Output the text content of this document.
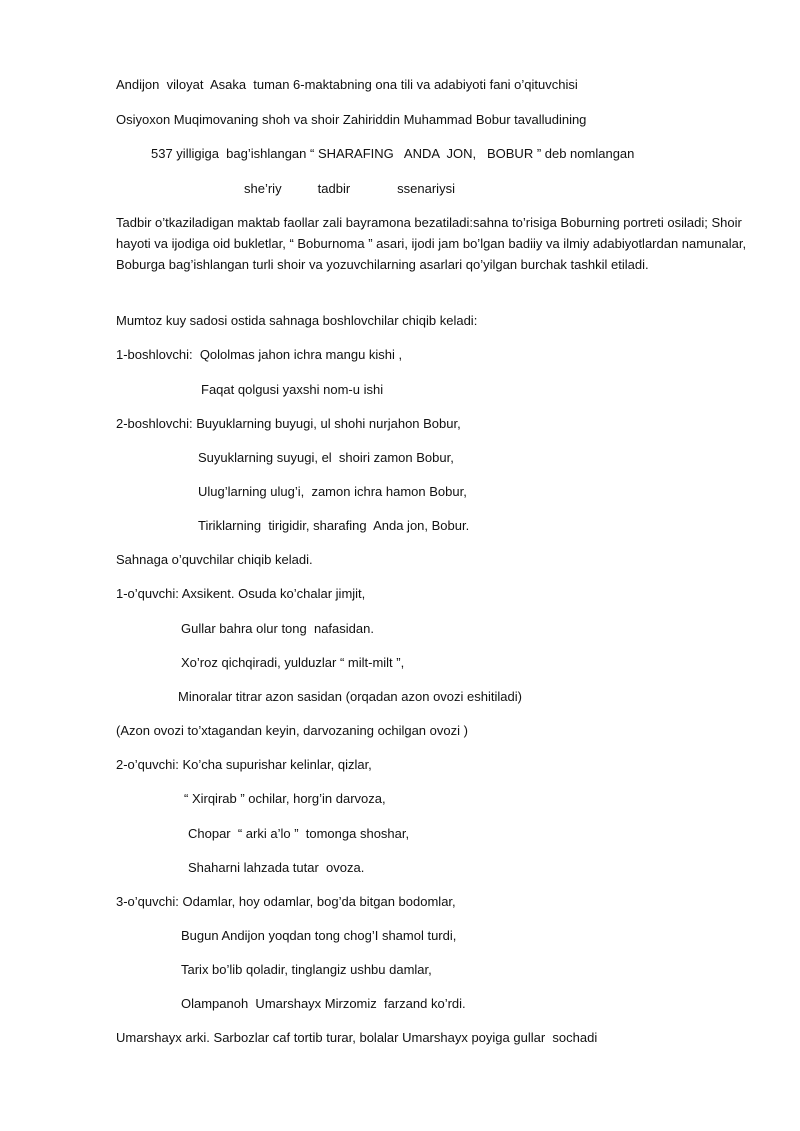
Andijon  viloyat  Asaka  tuman 6-maktabning ona tili va adabiyoti fani o’qituvchisi
Osiyoxon Muqimovaning shoh va shoir Zahiriddin Muhammad Bobur tavalludining
537 yilligiga  bag’ishlangan “ SHARAFING   ANDA  JON,   BOBUR ” deb nomlangan
she’riy          tadbir             ssenariysi
Tadbir o’tkaziladigan maktab faollar zali bayramona bezatiladi:sahna to’risiga Boburning portreti osiladi; Shoir hayoti va ijodiga oid bukletlar, “ Boburnoma ” asari, ijodi jam bo’lgan badiiy va ilmiy adabiyotlardan namunalar, Boburga bag’ishlangan turli shoir va yozuvchilarning asarlari qo’yilgan burchak tashkil etiladi.
Mumtoz kuy sadosi ostida sahnaga boshlovchilar chiqib keladi:
1-boshlovchi:  Qololmas jahon ichra mangu kishi ,
Faqat qolgusi yaxshi nom-u ishi
2-boshlovchi: Buyuklarning buyugi, ul shohi nurjahon Bobur,
Suyuklarning suyugi, el  shoiri zamon Bobur,
Ulug’larning ulug’i,  zamon ichra hamon Bobur,
Tiriklarning  tirigidir, sharafing  Anda jon, Bobur.
Sahnaga o’quvchilar chiqib keladi.
1-o’quvchi: Axsikent. Osuda ko’chalar jimjit,
Gullar bahra olur tong  nafasidan.
Xo’roz qichqiradi, yulduzlar “ milt-milt ”,
Minoralar titrar azon sasidan (orqadan azon ovozi eshitiladi)
(Azon ovozi to’xtagandan keyin, darvozaning ochilgan ovozi )
2-o’quvchi: Ko’cha supurishar kelinlar, qizlar,
“ Xirqirab ” ochilar, horg’in darvoza,
Chopar  “ arki a’lo ”  tomonga shoshar,
Shaharni lahzada tutar  ovoza.
3-o’quvchi: Odamlar, hoy odamlar, bog’da bitgan bodomlar,
Bugun Andijon yoqdan tong chog’I shamol turdi,
Tarix bo’lib qoladir, tinglangiz ushbu damlar,
Olampanoh  Umarshayx Mirzomiz  farzand ko’rdi.
Umarshayx arki. Sarbozlar caf tortib turar, bolalar Umarshayx poyiga gullar  sochadi
